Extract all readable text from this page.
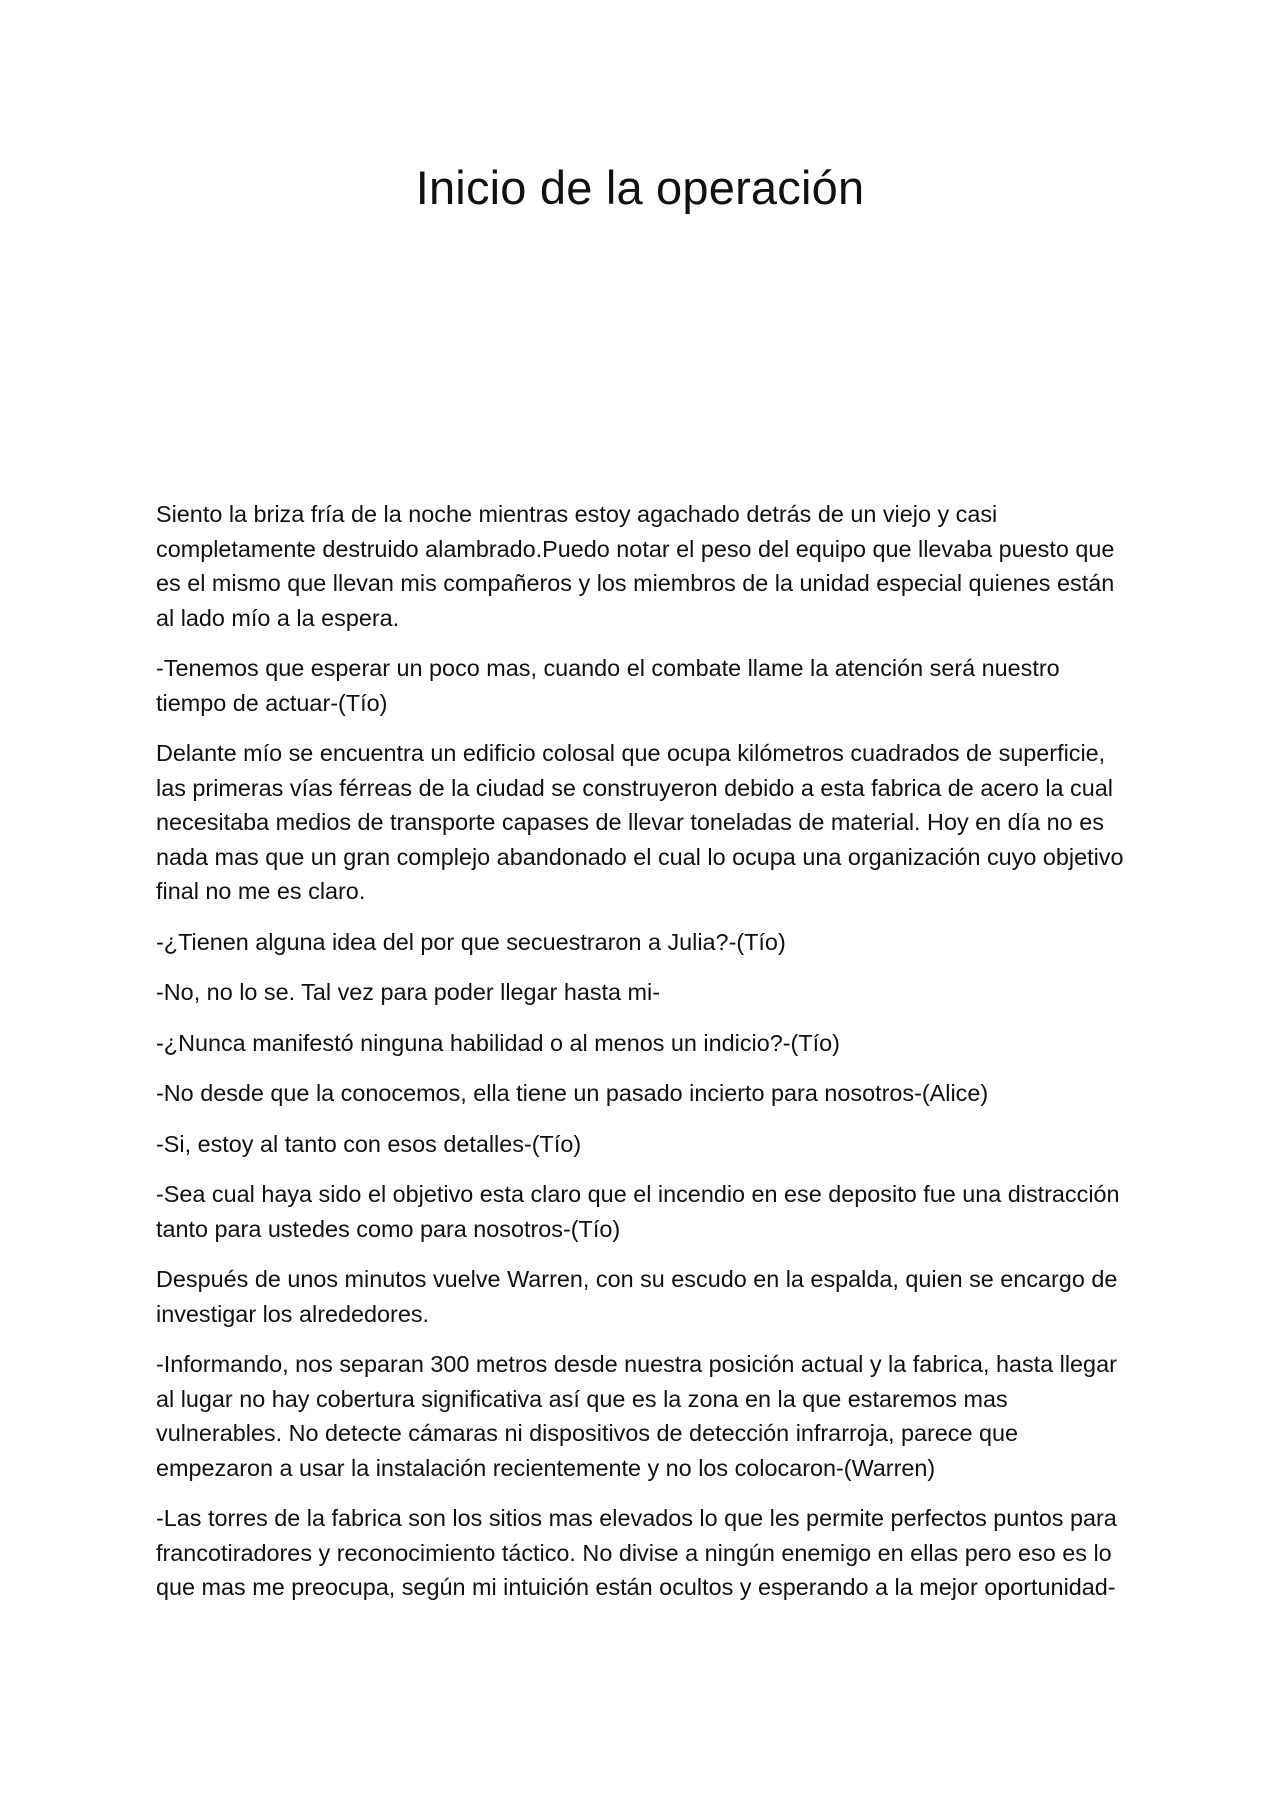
Inicio de la operación

Siento la briza fría de la noche mientras estoy agachado detrás de un viejo y casi completamente destruido alambrado.Puedo notar el peso del equipo que llevaba puesto que es el mismo que llevan mis compañeros y los miembros de la unidad especial quienes están al lado mío a la espera.

-Tenemos que esperar un poco mas, cuando el combate llame la atención será nuestro tiempo de actuar-(Tío)

Delante mío se encuentra un edificio colosal que ocupa kilómetros cuadrados de superficie, las primeras vías férreas de la ciudad se construyeron debido a esta fabrica de acero la cual necesitaba medios de transporte capases de llevar toneladas de material. Hoy en día no es nada mas que un gran complejo abandonado el cual lo ocupa una organización cuyo objetivo final no me es claro.

-¿Tienen alguna idea del por que secuestraron a Julia?-(Tío)

-No, no lo se. Tal vez para poder llegar hasta mi-

-¿Nunca manifestó ninguna habilidad o al menos un indicio?-(Tío)

-No desde que la conocemos, ella tiene un pasado incierto para nosotros-(Alice)

-Si, estoy al tanto con esos detalles-(Tío)

-Sea cual haya sido el objetivo esta claro que el incendio en ese deposito fue una distracción tanto para ustedes como para nosotros-(Tío)

Después de unos minutos vuelve Warren, con su escudo en la espalda, quien se encargo de investigar los alrededores.

-Informando, nos separan 300 metros desde nuestra posición actual y la fabrica, hasta llegar al lugar no hay cobertura significativa así que es la zona en la que estaremos mas vulnerables. No detecte cámaras ni dispositivos de detección infrarroja, parece que empezaron a usar la instalación recientemente y no los colocaron-(Warren)

-Las torres de la fabrica son los sitios mas elevados lo que les permite perfectos puntos para francotiradores y reconocimiento táctico. No divise a ningún enemigo en ellas pero eso es lo que mas me preocupa, según mi intuición están ocultos y esperando a la mejor oportunidad-
